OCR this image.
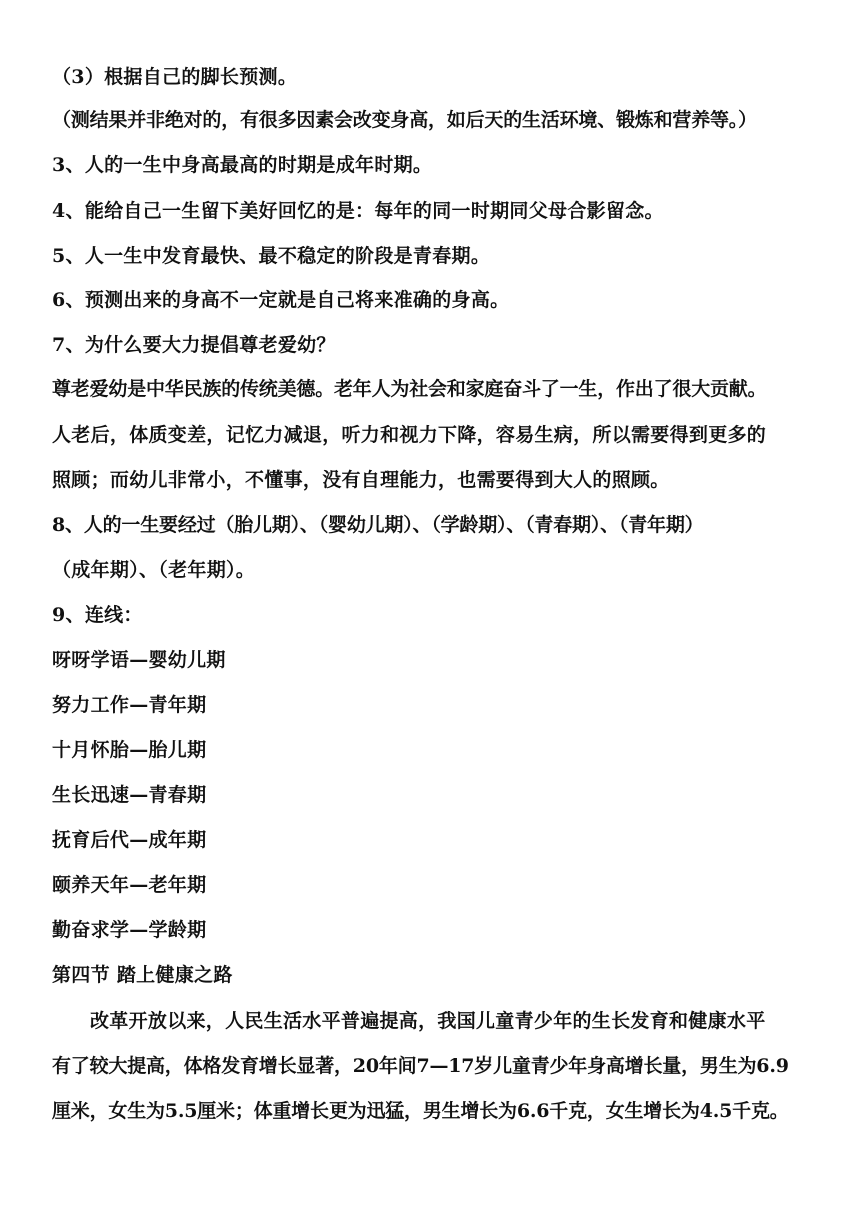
（3）根据自己的脚长预测。
（测结果并非绝对的，有很多因素会改变身高，如后天的生活环境、锻炼和营养等。）
3、人的一生中身高最高的时期是成年时期。
4、能给自己一生留下美好回忆的是：每年的同一时期同父母合影留念。
5、人一生中发育最快、最不稳定的阶段是青春期。
6、预测出来的身高不一定就是自己将来准确的身高。
7、为什么要大力提倡尊老爱幼？
尊老爱幼是中华民族的传统美德。老年人为社会和家庭奋斗了一生，作出了很大贡献。
人老后，体质变差，记忆力减退，听力和视力下降，容易生病，所以需要得到更多的
照顾；而幼儿非常小，不懂事，没有自理能力，也需要得到大人的照顾。
8、人的一生要经过（胎儿期）、（婴幼儿期）、（学龄期）、（青春期）、（青年期）
（成年期）、（老年期）。
9、连线：
呀呀学语—婴幼儿期
努力工作—青年期
十月怀胎—胎儿期
生长迅速—青春期
抚育后代—成年期
颐养天年—老年期
勤奋求学—学龄期
第四节 踏上健康之路
改革开放以来，人民生活水平普遍提高，我国儿童青少年的生长发育和健康水平
有了较大提高，体格发育增长显著，20年间7—17岁儿童青少年身高增长量，男生为6.9
厘米，女生为5.5厘米；体重增长更为迅猛，男生增长为6.6千克，女生增长为4.5千克。
